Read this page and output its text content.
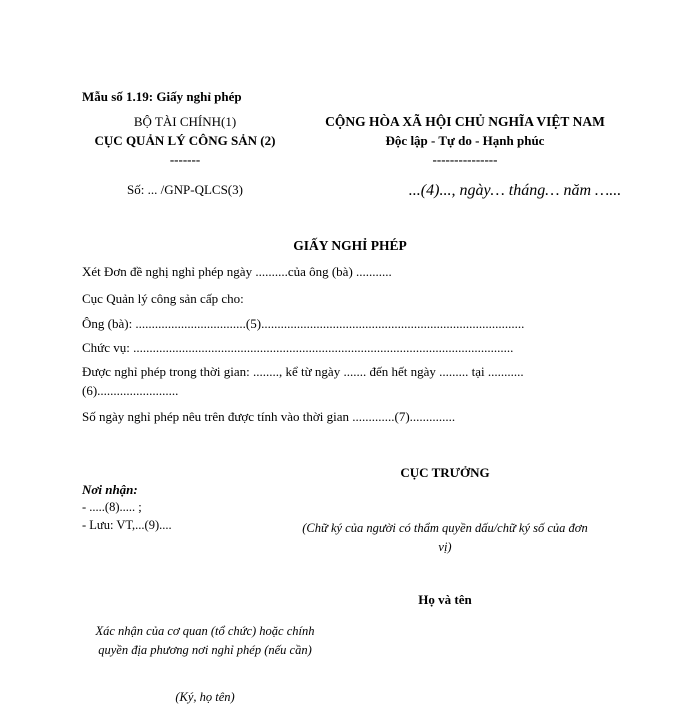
Mẫu số 1.19: Giấy nghỉ phép
BỘ TÀI CHÍNH(1)
CỤC QUẢN LÝ CÔNG SẢN (2)
-------
Số: ... /GNP-QLCS(3)
CỘNG HÒA XÃ HỘI CHỦ NGHĨA VIỆT NAM
Độc lập - Tự do - Hạnh phúc
---------------
...(4)..., ngày… tháng… năm …...
GIẤY NGHỈ PHÉP
Xét Đơn đề nghị nghỉ phép ngày ..........của ông (bà) ...........
Cục Quản lý công sản cấp cho:
Ông (bà): ..................................(5).................................................................................
Chức vụ: .....................................................................................................................
Được nghỉ phép trong thời gian: ........, kể từ ngày ....... đến hết ngày ......... tại ...........
(6).........................
Số ngày nghỉ phép nêu trên được tính vào thời gian .............(7)..............
CỤC TRƯỞNG
Nơi nhận:
- .....(8)..... ;
- Lưu: VT,...(9)....	(Chữ ký của người có thẩm quyền dấu/chữ ký số của đơn vị)
Họ và tên
Xác nhận của cơ quan (tổ chức) hoặc chính quyền địa phương nơi nghỉ phép (nếu cần)
(Ký, họ tên)
